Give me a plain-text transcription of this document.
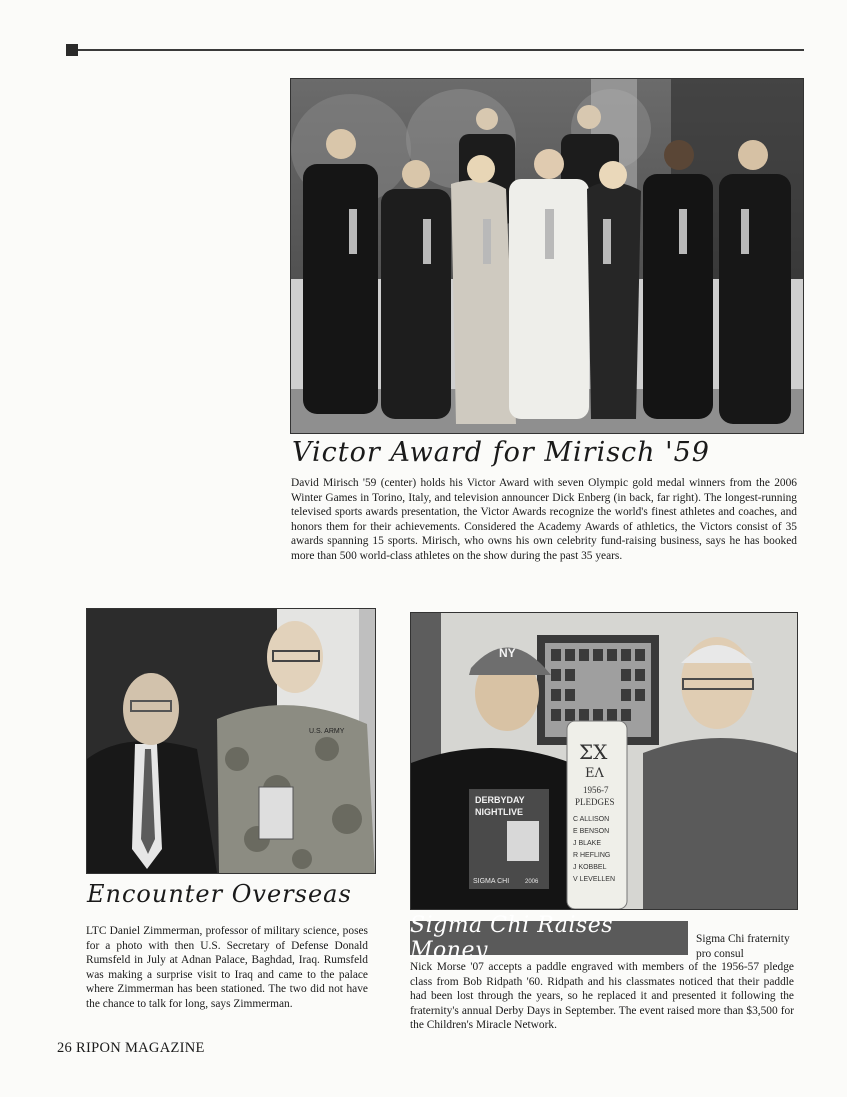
Victor Award for Mirisch '59

David Mirisch '59 (center) holds his Victor Award with seven Olympic gold medal winners from the 2006 Winter Games in Torino, Italy, and television announcer Dick Enberg (in back, far right). The longest-running televised sports awards presentation, the Victor Awards recognize the world's finest athletes and coaches, and honors them for their achievements. Considered the Academy Awards of athletics, the Victors consist of 35 awards spanning 15 sports. Mirisch, who owns his own celebrity fund-raising business, says he has booked more than 500 world-class athletes on the show during the past 35 years.

U.S. ARMY
Encounter Overseas

LTC Daniel Zimmerman, professor of military science, poses for a photo with then U.S. Secretary of Defense Donald Rumsfeld in July at Adnan Palace, Baghdad, Iraq. Rumsfeld was making a surprise visit to Iraq and came to the palace where Zimmerman has been stationed. The two did not have the chance to talk for long, says Zimmerman.

NY
DERBYDAY
NIGHTLIVE
SIGMA CHI	2006
ΣΧ
ΕΛ
1956-7
PLEDGES
C ALLISON
E BENSON
J BLAKE
R HEFLING
J KOBBEL
V LEVELLEN
Sigma Chi Raises Money	Sigma Chi fraternity pro consul

Nick Morse '07 accepts a paddle engraved with members of the 1956-57 pledge class from Bob Ridpath '60. Ridpath and his classmates noticed that their paddle had been lost through the years, so he replaced it and presented it following the fraternity's annual Derby Days in September. The event raised more than $3,500 for the Children's Miracle Network.

26 RIPON MAGAZINE
